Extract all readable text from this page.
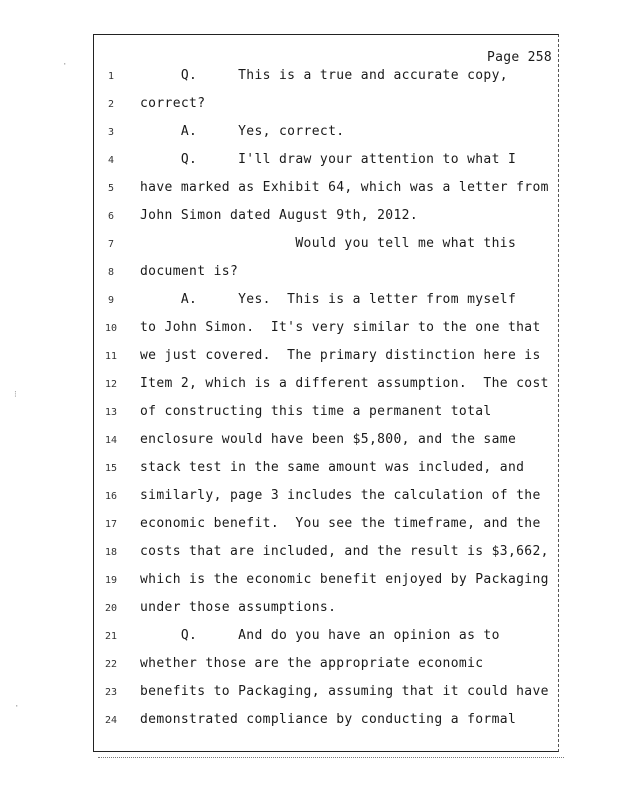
·
⁝
·
Page 258
1	Q.     This is a true and accurate copy,
2	correct?
3	A.     Yes, correct.
4	Q.     I'll draw your attention to what I
5	have marked as Exhibit 64, which was a letter from
6	John Simon dated August 9th, 2012.
7	Would you tell me what this
8	document is?
9	A.     Yes.  This is a letter from myself
10	to John Simon.  It's very similar to the one that
11	we just covered.  The primary distinction here is
12	Item 2, which is a different assumption.  The cost
13	of constructing this time a permanent total
14	enclosure would have been $5,800, and the same
15	stack test in the same amount was included, and
16	similarly, page 3 includes the calculation of the
17	economic benefit.  You see the timeframe, and the
18	costs that are included, and the result is $3,662,
19	which is the economic benefit enjoyed by Packaging
20	under those assumptions.
21	Q.     And do you have an opinion as to
22	whether those are the appropriate economic
23	benefits to Packaging, assuming that it could have
24	demonstrated compliance by conducting a formal
